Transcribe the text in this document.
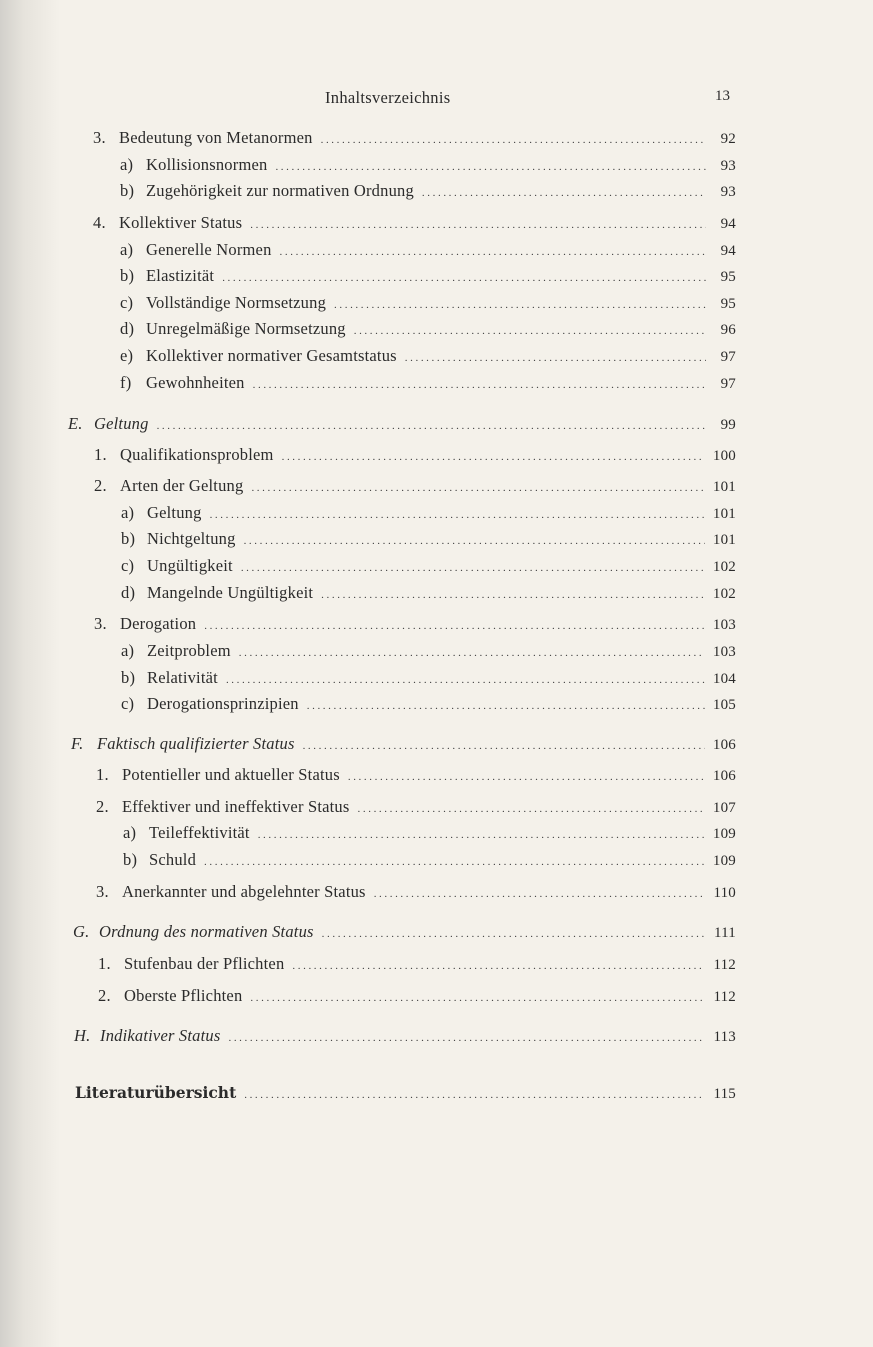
Inhaltsverzeichnis	13
3. Bedeutung von Metanormen .....	92
a) Kollisionsnormen .....	93
b) Zugehörigkeit zur normativen Ordnung .....	93
4. Kollektiver Status .....	94
a) Generelle Normen .....	94
b) Elastizität .....	95
c) Vollständige Normsetzung .....	95
d) Unregelmäßige Normsetzung .....	96
e) Kollektiver normativer Gesamtstatus .....	97
f) Gewohnheiten .....	97
E. Geltung .....	99
1. Qualifikationsproblem .....	100
2. Arten der Geltung .....	101
a) Geltung .....	101
b) Nichtgeltung .....	101
c) Ungültigkeit .....	102
d) Mangelnde Ungültigkeit .....	102
3. Derogation .....	103
a) Zeitproblem .....	103
b) Relativität .....	104
c) Derogationsprinzipien .....	105
F. Faktisch qualifizierter Status .....	106
1. Potentieller und aktueller Status .....	106
2. Effektiver und ineffektiver Status .....	107
a) Teileffektivität .....	109
b) Schuld .....	109
3. Anerkannter und abgelehnter Status .....	110
G. Ordnung des normativen Status .....	111
1. Stufenbau der Pflichten .....	112
2. Oberste Pflichten .....	112
H. Indikativer Status .....	113
Literaturübersicht .....	115
